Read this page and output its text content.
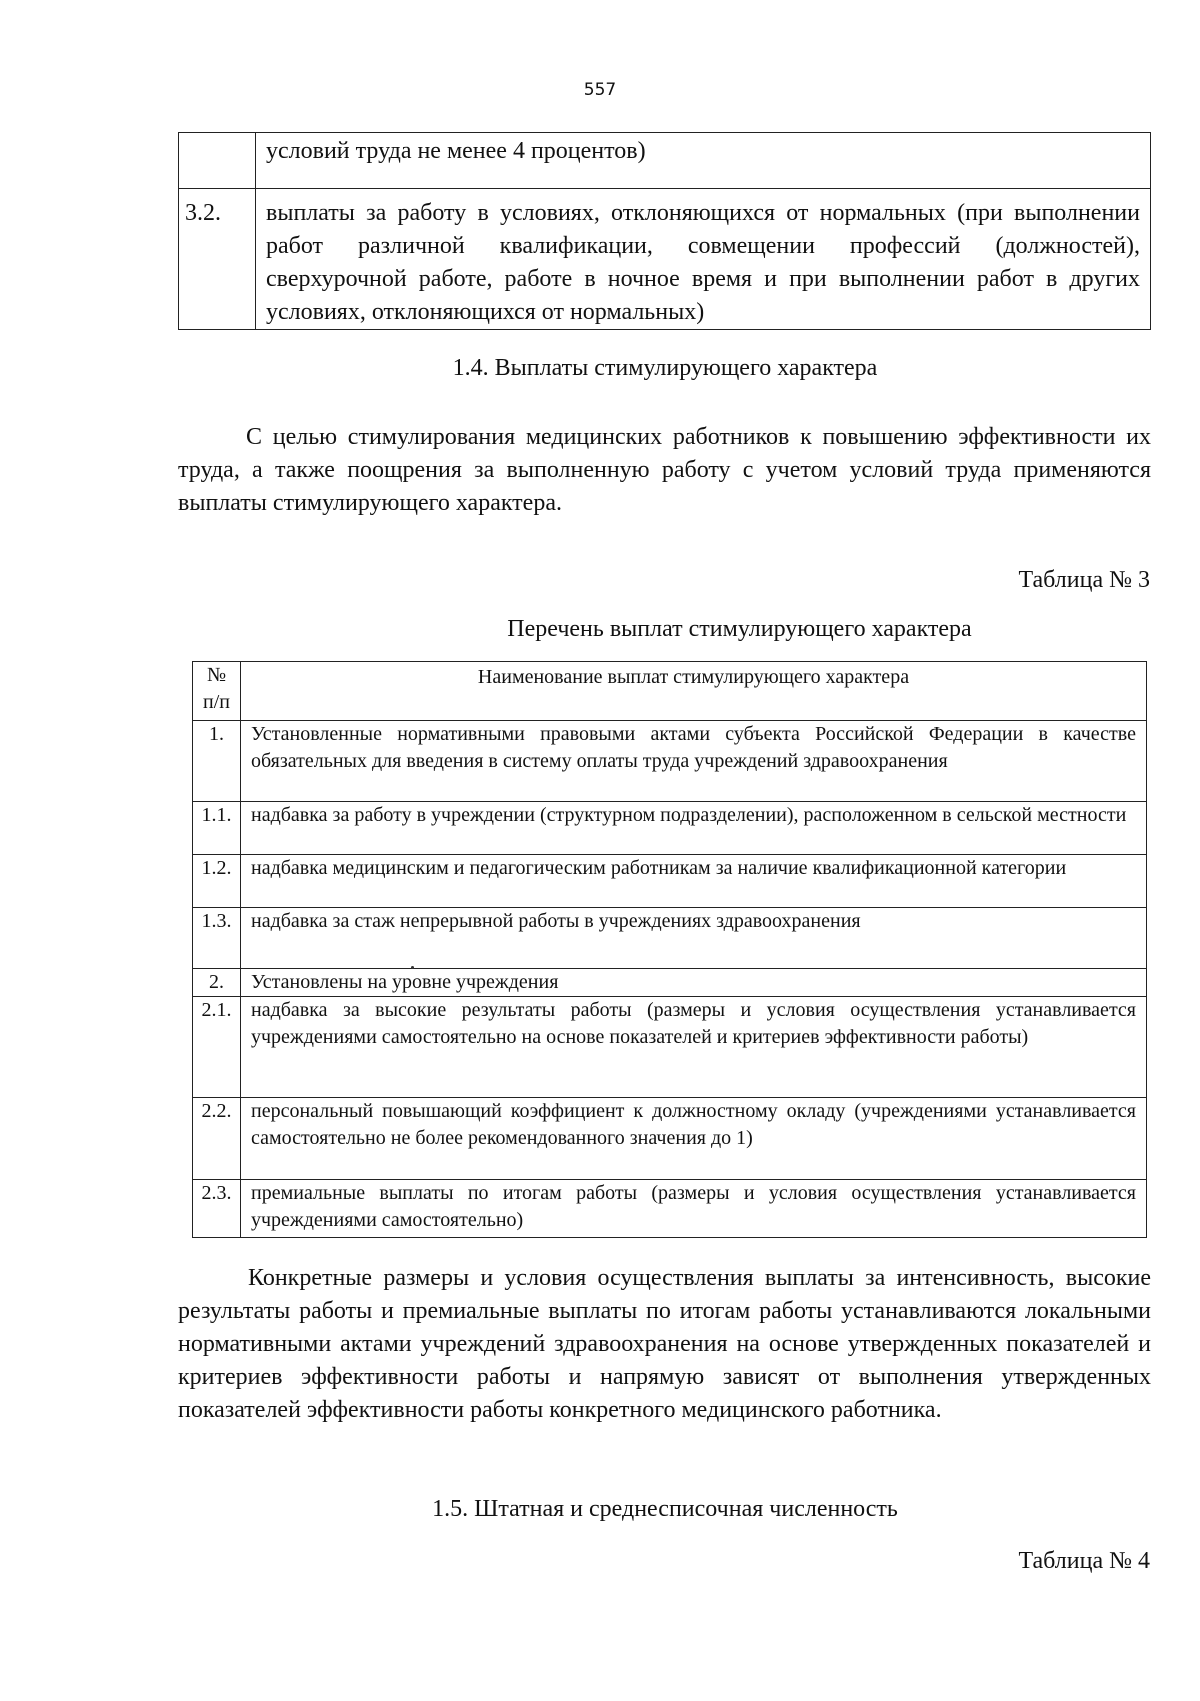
557
	условий труда не менее 4 процентов)
3.2.	выплаты за работу в условиях, отклоняющихся от нормальных (при выполнении работ различной квалификации, совмещении профессий (должностей), сверхурочной работе, работе в ночное время и при выполнении работ в других условиях, отклоняющихся от нормальных)
1.4. Выплаты стимулирующего характера

С целью стимулирования медицинских работников к повышению эффективности их труда, а также поощрения за выполненную работу с учетом условий труда применяются выплаты стимулирующего характера.

Таблица № 3
Перечень выплат стимулирующего характера
№ п/п	Наименование выплат стимулирующего характера
1.	Установленные нормативными правовыми актами субъекта Российской Федерации в качестве обязательных для введения в систему оплаты труда учреждений здравоохранения
1.1.	надбавка за работу в учреждении (структурном подразделении), расположенном в сельской местности
1.2.	надбавка медицинским и педагогическим работникам за наличие квалификационной категории
1.3.	надбавка за стаж непрерывной работы в учреждениях здравоохранения
2.	Установлены на уровне учреждения
2.1.	надбавка за высокие результаты работы (размеры и условия осуществления устанавливается учреждениями самостоятельно на основе показателей и критериев эффективности работы)
2.2.	персональный повышающий коэффициент к должностному окладу (учреждениями устанавливается самостоятельно не более рекомендованного значения до 1)
2.3.	премиальные выплаты по итогам работы (размеры и условия осуществления устанавливается учреждениями самостоятельно)

Конкретные размеры и условия осуществления выплаты за интенсивность, высокие результаты работы и премиальные выплаты по итогам работы устанавливаются локальными нормативными актами учреждений здравоохранения на основе утвержденных показателей и критериев эффективности работы и напрямую зависят от выполнения утвержденных показателей эффективности работы конкретного медицинского работника.

1.5. Штатная и среднесписочная численность
Таблица № 4
